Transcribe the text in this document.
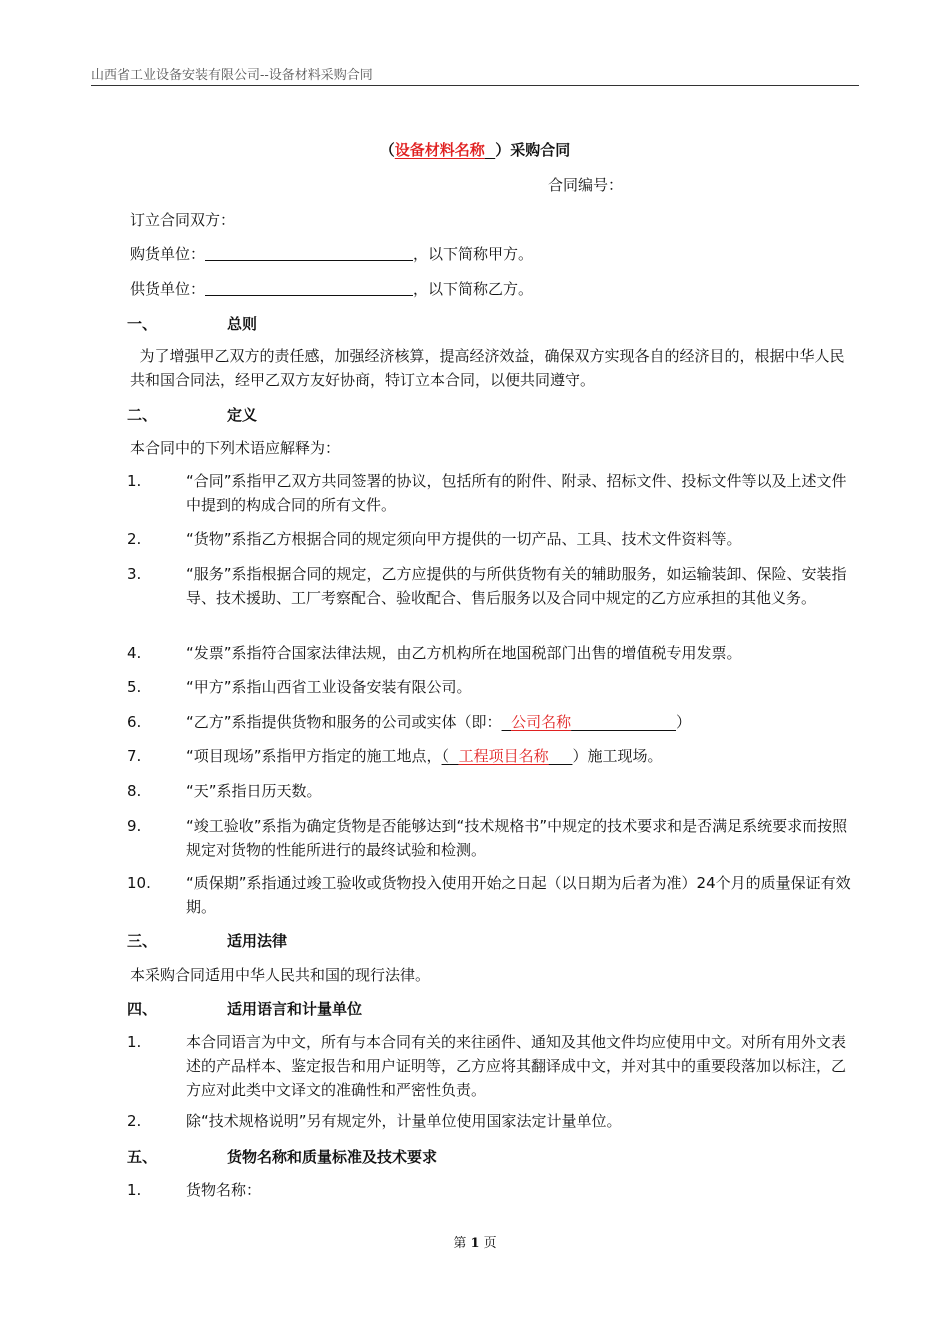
山西省工业设备安装有限公司--设备材料采购合同
（设备材料名称 ）采购合同
合同编号：
订立合同双方：
购货单位：	，以下简称甲方。
供货单位：	，以下简称乙方。
一、	总则
为了增强甲乙双方的责任感，加强经济核算，提高经济效益，确保双方实现各自的经济目的，根据中华人民共和国合同法，经甲乙双方友好协商，特订立本合同，以便共同遵守。
二、	定义
本合同中的下列术语应解释为：
1.	“合同”系指甲乙双方共同签署的协议，包括所有的附件、附录、招标文件、投标文件等以及上述文件中提到的构成合同的所有文件。
2.	“货物”系指乙方根据合同的规定须向甲方提供的一切产品、工具、技术文件资料等。
3.	“服务”系指根据合同的规定，乙方应提供的与所供货物有关的辅助服务，如运输装卸、保险、安装指导、技术援助、工厂考察配合、验收配合、售后服务以及合同中规定的乙方应承担的其他义务。
4.	“发票”系指符合国家法律法规，由乙方机构所在地国税部门出售的增值税专用发票。
5.	“甲方”系指山西省工业设备安装有限公司。
6.	“乙方”系指提供货物和服务的公司或实体（即： 公司名称	）
7.	“项目现场”系指甲方指定的施工地点，（ 工程项目名称 ）施工现场。
8.	“天”系指日历天数。
9.	“竣工验收”系指为确定货物是否能够达到“技术规格书”中规定的技术要求和是否满足系统要求而按照规定对货物的性能所进行的最终试验和检测。
10. “质保期”系指通过竣工验收或货物投入使用开始之日起（以日期为后者为准）24个月的质量保证有效期。
三、	适用法律
本采购合同适用中华人民共和国的现行法律。
四、	适用语言和计量单位
1.	本合同语言为中文，所有与本合同有关的来往函件、通知及其他文件均应使用中文。对所有用外文表述的产品样本、鉴定报告和用户证明等，乙方应将其翻译成中文，并对其中的重要段落加以标注，乙方应对此类中文译文的准确性和严密性负责。
2.	除“技术规格说明”另有规定外，计量单位使用国家法定计量单位。
五、	货物名称和质量标准及技术要求
1.	货物名称：
第 1 页
